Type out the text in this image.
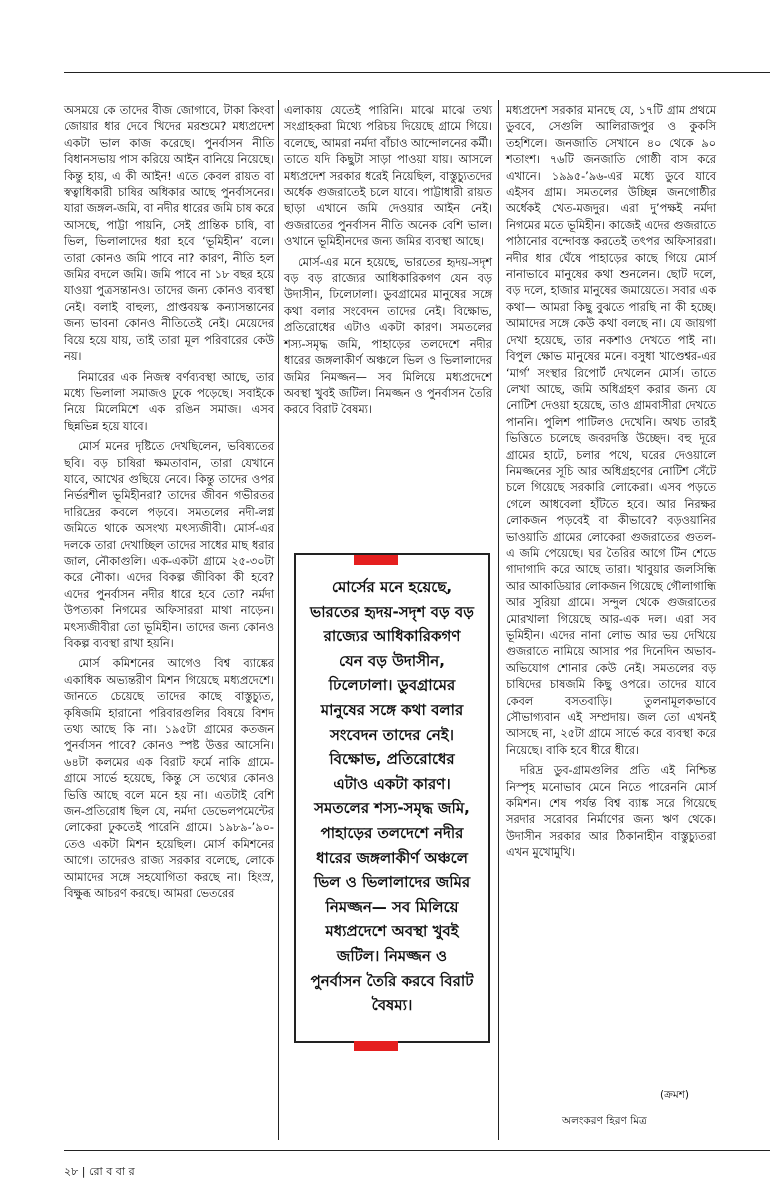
অসময়ে কে তাদের বীজ জোগাবে, টাকা কিংবা জোয়ার ধার দেবে খিদের মরশুমে? মধ্যপ্রদেশ একটা ভাল কাজ করেছে। পুনর্বাসন নীতি বিধানসভায় পাস করিয়ে আইন বানিয়ে নিয়েছে। কিন্তু হায়, এ কী আইন! এতে কেবল রায়ত বা স্বত্বাধিকারী চাষির অধিকার আছে পুনর্বাসনের। যারা জঙ্গল-জমি, বা নদীর ধারের জমি চাষ করে আসছে, পাট্টা পায়নি, সেই প্রান্তিক চাষি, বা ভিল, ভিলালাদের ধরা হবে ‘ভূমিহীন’ বলে। তারা কোনও জমি পাবে না? কারণ, নীতি হল জমির বদলে জমি। জমি পাবে না ১৮ বছর হয়ে যাওয়া পুত্রসন্তানও। তাদের জন্য কোনও ব্যবস্থা নেই। বলাই বাহুল্য, প্রাপ্তবয়স্ক কন্যাসন্তানের জন্য ভাবনা কোনও নীতিতেই নেই। মেয়েদের বিয়ে হয়ে যায়, তাই তারা মূল পরিবারের কেউ নয়।

নিমারের এক নিজস্ব বর্ণব্যবস্থা আছে, তার মধ্যে ভিলালা সমাজও ঢুকে পড়েছে। সবাইকে নিয়ে মিলেমিশে এক রঙিন সমাজ। এসব ছিন্নভিন্ন হয়ে যাবে।

মোর্স মনের দৃষ্টিতে দেখছিলেন, ভবিষ্যতের ছবি। বড় চাষিরা ক্ষমতাবান, তারা যেখানে যাবে, আখের গুছিয়ে নেবে। কিন্তু তাদের ওপর নির্ভরশীল ভূমিহীনরা? তাদের জীবন গভীরতর দারিদ্রের কবলে পড়বে। সমতলের নদী-লগ্ন জমিতে থাকে অসংখ্য মৎস্যজীবী। মোর্স-এর দলকে তারা দেখাচ্ছিল তাদের সাধের মাছ ধরার জাল, নৌকাগুলি। এক-একটা গ্রামে ২৫-৩০টা করে নৌকা। এদের বিকল্প জীবিকা কী হবে? এদের পুনর্বাসন নদীর ধারে হবে তো? নর্মদা উপত্যকা নিগমের অফিসাররা মাথা নাড়েন। মৎস্যজীবীরা তো ভূমিহীন। তাদের জন্য কোনও বিকল্প ব্যবস্থা রাখা হয়নি।

মোর্স কমিশনের আগেও বিশ্ব ব্যাঙ্কের একাধিক অভ্যন্তরীণ মিশন গিয়েছে মধ্যপ্রদেশে। জানতে চেয়েছে তাদের কাছে বাস্তুচ্যুত, কৃষিজমি হারানো পরিবারগুলির বিষয়ে বিশদ তথ্য আছে কি না। ১৯৫টা গ্রামের কতজন পুনর্বাসন পাবে? কোনও স্পষ্ট উত্তর আসেনি। ৬৪টা কলমের এক বিরাট ফর্মে নাকি গ্রামে-গ্রামে সার্ভে হয়েছে, কিন্তু সে তথ্যের কোনও ভিত্তি আছে বলে মনে হয় না। এতটাই বেশি জন-প্রতিরোধ ছিল যে, নর্মদা ডেভেলপমেন্টের লোকেরা ঢুকতেই পারেনি গ্রামে। ১৯৮৯-’৯০-তেও একটা মিশন হয়েছিল। মোর্স কমিশনের আগে। তাদেরও রাজ্য সরকার বলেছে, লোকে আমাদের সঙ্গে সহযোগিতা করছে না। হিংস্র, বিক্ষুব্ধ আচরণ করছে। আমরা ভেতরের

এলাকায় যেতেই পারিনি। মাঝে মাঝে তথ্য সংগ্রাহকরা মিথ্যে পরিচয় দিয়েছে গ্রামে গিয়ে। বলেছে, আমরা নর্মদা বাঁচাও আন্দোলনের কর্মী। তাতে যদি কিছুটা সাড়া পাওয়া যায়। আসলে মধ্যপ্রদেশ সরকার ধরেই নিয়েছিল, বাস্তুচ্যুতদের অর্ধেক গুজরাতেই চলে যাবে। পাট্টাধারী রায়ত ছাড়া এখানে জমি দেওয়ার আইন নেই। গুজরাতের পুনর্বাসন নীতি অনেক বেশি ভাল। ওখানে ভূমিহীনদের জন্য জমির ব্যবস্থা আছে।

মোর্স-এর মনে হয়েছে, ভারতের হৃদয়-সদৃশ বড় বড় রাজ্যের আধিকারিকগণ যেন বড় উদাসীন, ঢিলেঢালা। ডুবগ্রামের মানুষের সঙ্গে কথা বলার সংবেদন তাদের নেই। বিক্ষোভ, প্রতিরোধের এটাও একটা কারণ। সমতলের শস্য-সমৃদ্ধ জমি, পাহাড়ের তলদেশে নদীর ধারের জঙ্গলাকীর্ণ অঞ্চলে ভিল ও ভিলালাদের জমির নিমজ্জন— সব মিলিয়ে মধ্যপ্রদেশে অবস্থা খুবই জটিল। নিমজ্জন ও পুনর্বাসন তৈরি করবে বিরাট বৈষম্য।

মোর্সের মনে হয়েছে, ভারতের হৃদয়-সদৃশ বড় বড় রাজ্যের আধিকারিকগণ যেন বড় উদাসীন, ঢিলেঢালা। ডুবগ্রামের মানুষের সঙ্গে কথা বলার সংবেদন তাদের নেই। বিক্ষোভ, প্রতিরোধের এটাও একটা কারণ। সমতলের শস্য-সমৃদ্ধ জমি, পাহাড়ের তলদেশে নদীর ধারের জঙ্গলাকীর্ণ অঞ্চলে ভিল ও ভিলালাদের জমির নিমজ্জন— সব মিলিয়ে মধ্যপ্রদেশে অবস্থা খুবই জটিল। নিমজ্জন ও পুনর্বাসন তৈরি করবে বিরাট বৈষম্য।

মধ্যপ্রদেশ সরকার মানছে যে, ১৭টি গ্রাম প্রথমে ডুববে, সেগুলি আলিরাজপুর ও কুকসি তহশিলে। জনজাতি সেখানে ৪০ থেকে ৯০ শতাংশ। ৭৬টি জনজাতি গোষ্ঠী বাস করে এখানে। ১৯৯৫-’৯৬-এর মধ্যে ডুবে যাবে এইসব গ্রাম। সমতলের উচ্ছিন্ন জনগোষ্ঠীর অর্ধেকই খেত-মজদুর। এরা দু’পক্ষই নর্মদা নিগমের মতে ভূমিহীন। কাজেই এদের গুজরাতে পাঠানোর বন্দোবস্ত করতেই তৎপর অফিসাররা। নদীর ধার ঘেঁষে পাহাড়ের কাছে গিয়ে মোর্স নানাভাবে মানুষের কথা শুনলেন। ছোট দলে, বড় দলে, হাজার মানুষের জমায়েতে। সবার এক কথা— আমরা কিছু বুঝতে পারছি না কী হচ্ছে। আমাদের সঙ্গে কেউ কথা বলছে না। যে জায়গা দেখা হয়েছে, তার নকশাও দেখতে পাই না। বিপুল ক্ষোভ মানুষের মনে। বসুধা খাণ্ডেশ্বর-এর ‘মার্গ’ সংস্থার রিপোর্ট দেখলেন মোর্স। তাতে লেখা আছে, জমি অধিগ্রহণ করার জন্য যে নোটিশ দেওয়া হয়েছে, তাও গ্রামবাসীরা দেখতে পাননি। পুলিশ পাটিলও দেখেনি। অথচ তারই ভিত্তিতে চলেছে জবরদস্তি উচ্ছেদ। বহু দূরে গ্রামের হাটে, চলার পথে, ঘরের দেওয়ালে নিমজ্জনের সূচি আর অধিগ্রহণের নোটিশ সেঁটে চলে গিয়েছে সরকারি লোকেরা। এসব পড়তে গেলে আধবেলা হাঁটতে হবে। আর নিরক্ষর লোকজন পড়বেই বা কীভাবে? বড়ওয়ানির ভাওয়াতি গ্রামের লোকেরা গুজরাতের গুতল-এ জমি পেয়েছে। ঘর তৈরির আগে টিন শেডে গাদাগাদি করে আছে তারা। খাবুয়ার জলসিন্ধি আর আকাডিয়ার লোকজন গিয়েছে গৌলাগান্ধি আর সুরিয়া গ্রামে। সন্দুল থেকে গুজরাতের মোরখালা গিয়েছে আর-এক দল। এরা সব ভূমিহীন। এদের নানা লোভ আর ভয় দেখিয়ে গুজরাতে নামিয়ে আসার পর দিনেদিন অভাব-অভিযোগ শোনার কেউ নেই। সমতলের বড় চাষিদের চাষজমি কিছু ওপরে। তাদের যাবে কেবল বসতবাড়ি। তুলনামূলকভাবে সৌভাগ্যবান এই সম্প্রদায়। জল তো এখনই আসছে না, ২৫টা গ্রামে সার্ভে করে ব্যবস্থা করে নিয়েছে। বাকি হবে ধীরে ধীরে।

দরিদ্র ডুব-গ্রামগুলির প্রতি এই নিশ্চিন্ত নিস্পৃহ মনোভাব মেনে নিতে পারেননি মোর্স কমিশন। শেষ পর্যন্ত বিশ্ব ব্যাঙ্ক সরে গিয়েছে সরদার সরোবর নির্মাণের জন্য ঋণ থেকে। উদাসীন সরকার আর ঠিকানাহীন বাস্তুচ্যুতরা এখন মুখোমুখি।

(ক্রমশ)
অলংকরণ হিরণ মিত্র
২৮ | রো ব বা র
